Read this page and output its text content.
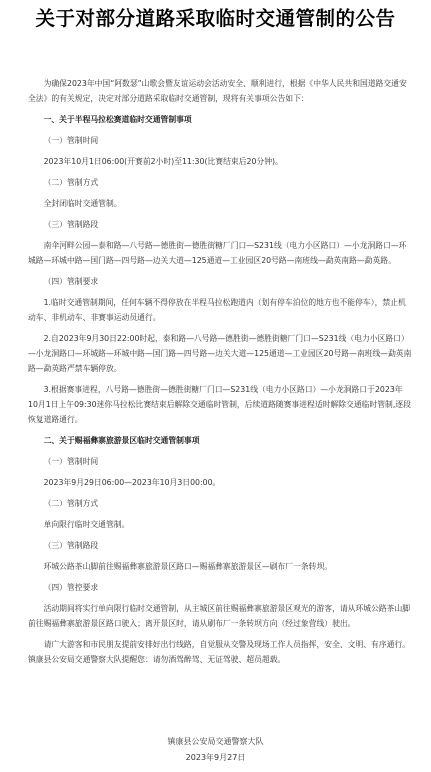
关于对部分道路采取临时交通管制的公告

为确保2023年中国“阿数瑟”山歌会暨友谊运动会活动安全、顺利进行，根据《中华人民共和国道路交通安全法》的有关规定，决定对部分道路采取临时交通管制，现将有关事项公告如下：

一、关于半程马拉松赛道临时交通管制事项

（一）管制时间

2023年10月1日06:00(开赛前2小时)至11:30(比赛结束后20分钟)。

（二）管制方式

全封闭临时交通管制。

（三）管制路段

南伞河畔公园—泰和路—八号路—德胜街—德胜街糖厂门口—S231线（电力小区路口）—小龙洞路口—环城路—环城中路—国门路—四号路—边关大道—125通道—工业园区20号路—南班线—勐英南路—勐英路。

（四）管制要求

1.临时交通管制期间，任何车辆不得停放在半程马拉松跑道内（划有停车泊位的地方也不能停车），禁止机动车、非机动车、非赛事运动员通行。

2.自2023年9月30日22:00时起，泰和路—八号路—德胜街—德胜街糖厂门口—S231线（电力小区路口）—小龙洞路口—环城路—环城中路—国门路—四号路—边关大道—125通道—工业园区20号路—南班线—勐英南路—勐英路严禁车辆停放。

3.根据赛事进程，八号路—德胜街—德胜街糖厂门口—S231线（电力小区路口）—小龙洞路口于2023年10月1日上午09:30迷你马拉松比赛结束后解除交通临时管制，后续道路随赛事进程适时解除交通临时管制,逐段恢复道路通行。

二、关于赐福彝寨旅游景区临时交通管制事项

（一）管制时间

2023年9月29日06:00—2023年10月3日00:00。

（二）管制方式

单向限行临时交通管制。

（三）管制路段

环城公路茶山脚前往赐福彝寨旅游景区路口—赐福彝寨旅游景区—刷布厂一条转坝。

（四）管控要求

活动期间将实行单向限行临时交通管制，从主城区前往赐福彝寨旅游景区观光的游客，请从环城公路茶山脚前往赐福彝寨旅游景区路口驶入；离开景区时，请从刷布厂一条转坝方向（经过象营线）驶出。

请广大游客和市民朋友提前安排好出行线路，自觉服从交警及现场工作人员指挥，安全、文明、有序通行。镇康县公安局交通警察大队提醒您：请勿酒驾醉驾、无证驾驶、超员超载。

镇康县公安局交通警察大队
2023年9月27日
